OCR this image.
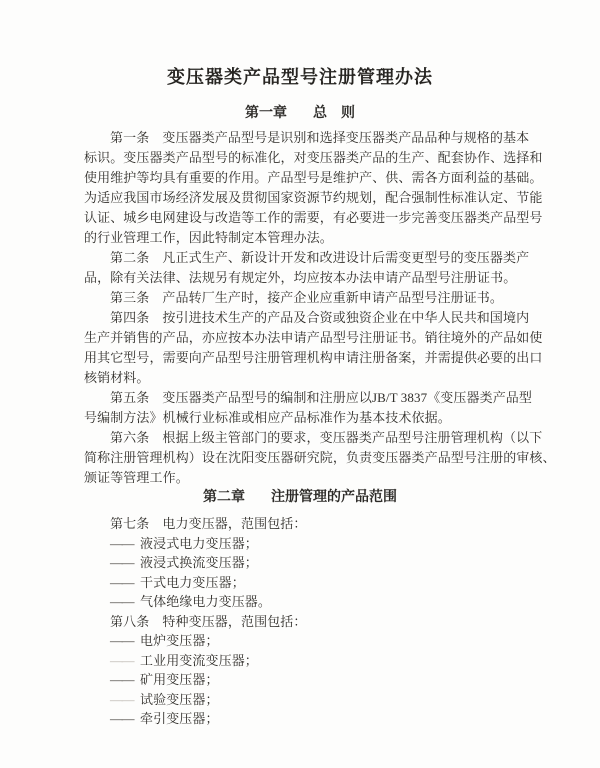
变压器类产品型号注册管理办法
第一章 总　则
第一条　变压器类产品型号是识别和选择变压器类产品品种与规格的基本
标识。变压器类产品型号的标准化，对变压器类产品的生产、配套协作、选择和
使用维护等均具有重要的作用。产品型号是维护产、供、需各方面利益的基础。
为适应我国市场经济发展及贯彻国家资源节约规划，配合强制性标准认定、节能
认证、城乡电网建设与改造等工作的需要，有必要进一步完善变压器类产品型号
的行业管理工作，因此特制定本管理办法。
第二条　凡正式生产、新设计开发和改进设计后需变更型号的变压器类产
品，除有关法律、法规另有规定外，均应按本办法申请产品型号注册证书。
第三条　产品转厂生产时，接产企业应重新申请产品型号注册证书。
第四条　按引进技术生产的产品及合资或独资企业在中华人民共和国境内
生产并销售的产品，亦应按本办法申请产品型号注册证书。销往境外的产品如使
用其它型号，需要向产品型号注册管理机构申请注册备案，并需提供必要的出口
核销材料。
第五条　变压器类产品型号的编制和注册应以JB/T 3837《变压器类产品型
号编制方法》机械行业标准或相应产品标准作为基本技术依据。
第六条　根据上级主管部门的要求，变压器类产品型号注册管理机构（以下
简称注册管理机构）设在沈阳变压器研究院，负责变压器类产品型号注册的审核、
颁证等管理工作。
第二章 注册管理的产品范围
第七条　电力变压器，范围包括：
—— 液浸式电力变压器；
—— 液浸式换流变压器；
—— 干式电力变压器；
—— 气体绝缘电力变压器。
第八条　特种变压器，范围包括：
—— 电炉变压器；
—— 工业用变流变压器；
—— 矿用变压器；
—— 试验变压器；
—— 牵引变压器；
